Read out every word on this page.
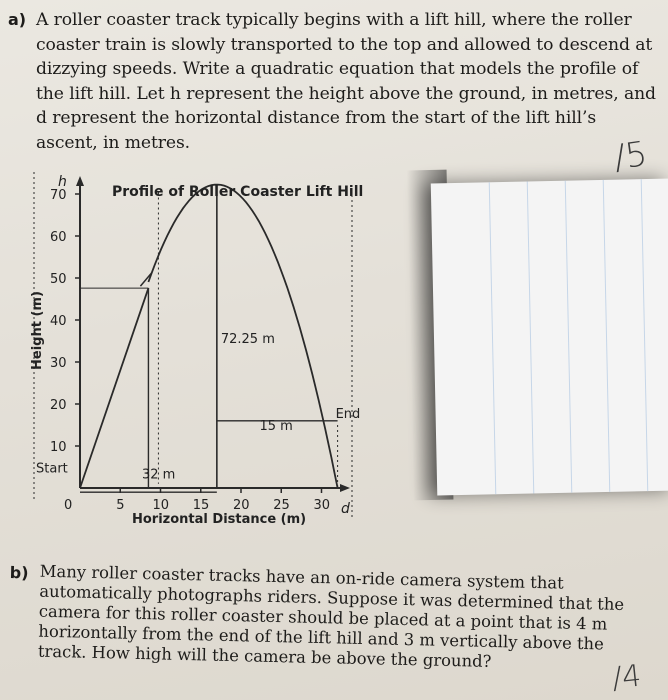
a) A roller coaster track typically begins with a lift hill, where the roller coaster train is slowly transported to the top and allowed to descend at dizzying speeds. Write a quadratic equation that models the profile of the lift hill. Let h represent the height above the ground, in metres, and d represent the horizontal distance from the start of the lift hill’s ascent, in metres.	/5
10
20
30
40
50
60
70
0	5 10 15 20 25 30
72.25 m
15 m
32 m
Start
End
Profile of Roller Coaster Lift Hill
h
d
Horizontal Distance (m)
Height (m)
b) Many roller coaster tracks have an on-ride camera system that automatically photographs riders. Suppose it was determined that the camera for this roller coaster should be placed at a point that is 4 m horizontally from the end of the lift hill and 3 m vertically above the track. How high will the camera be above the ground?
/4
